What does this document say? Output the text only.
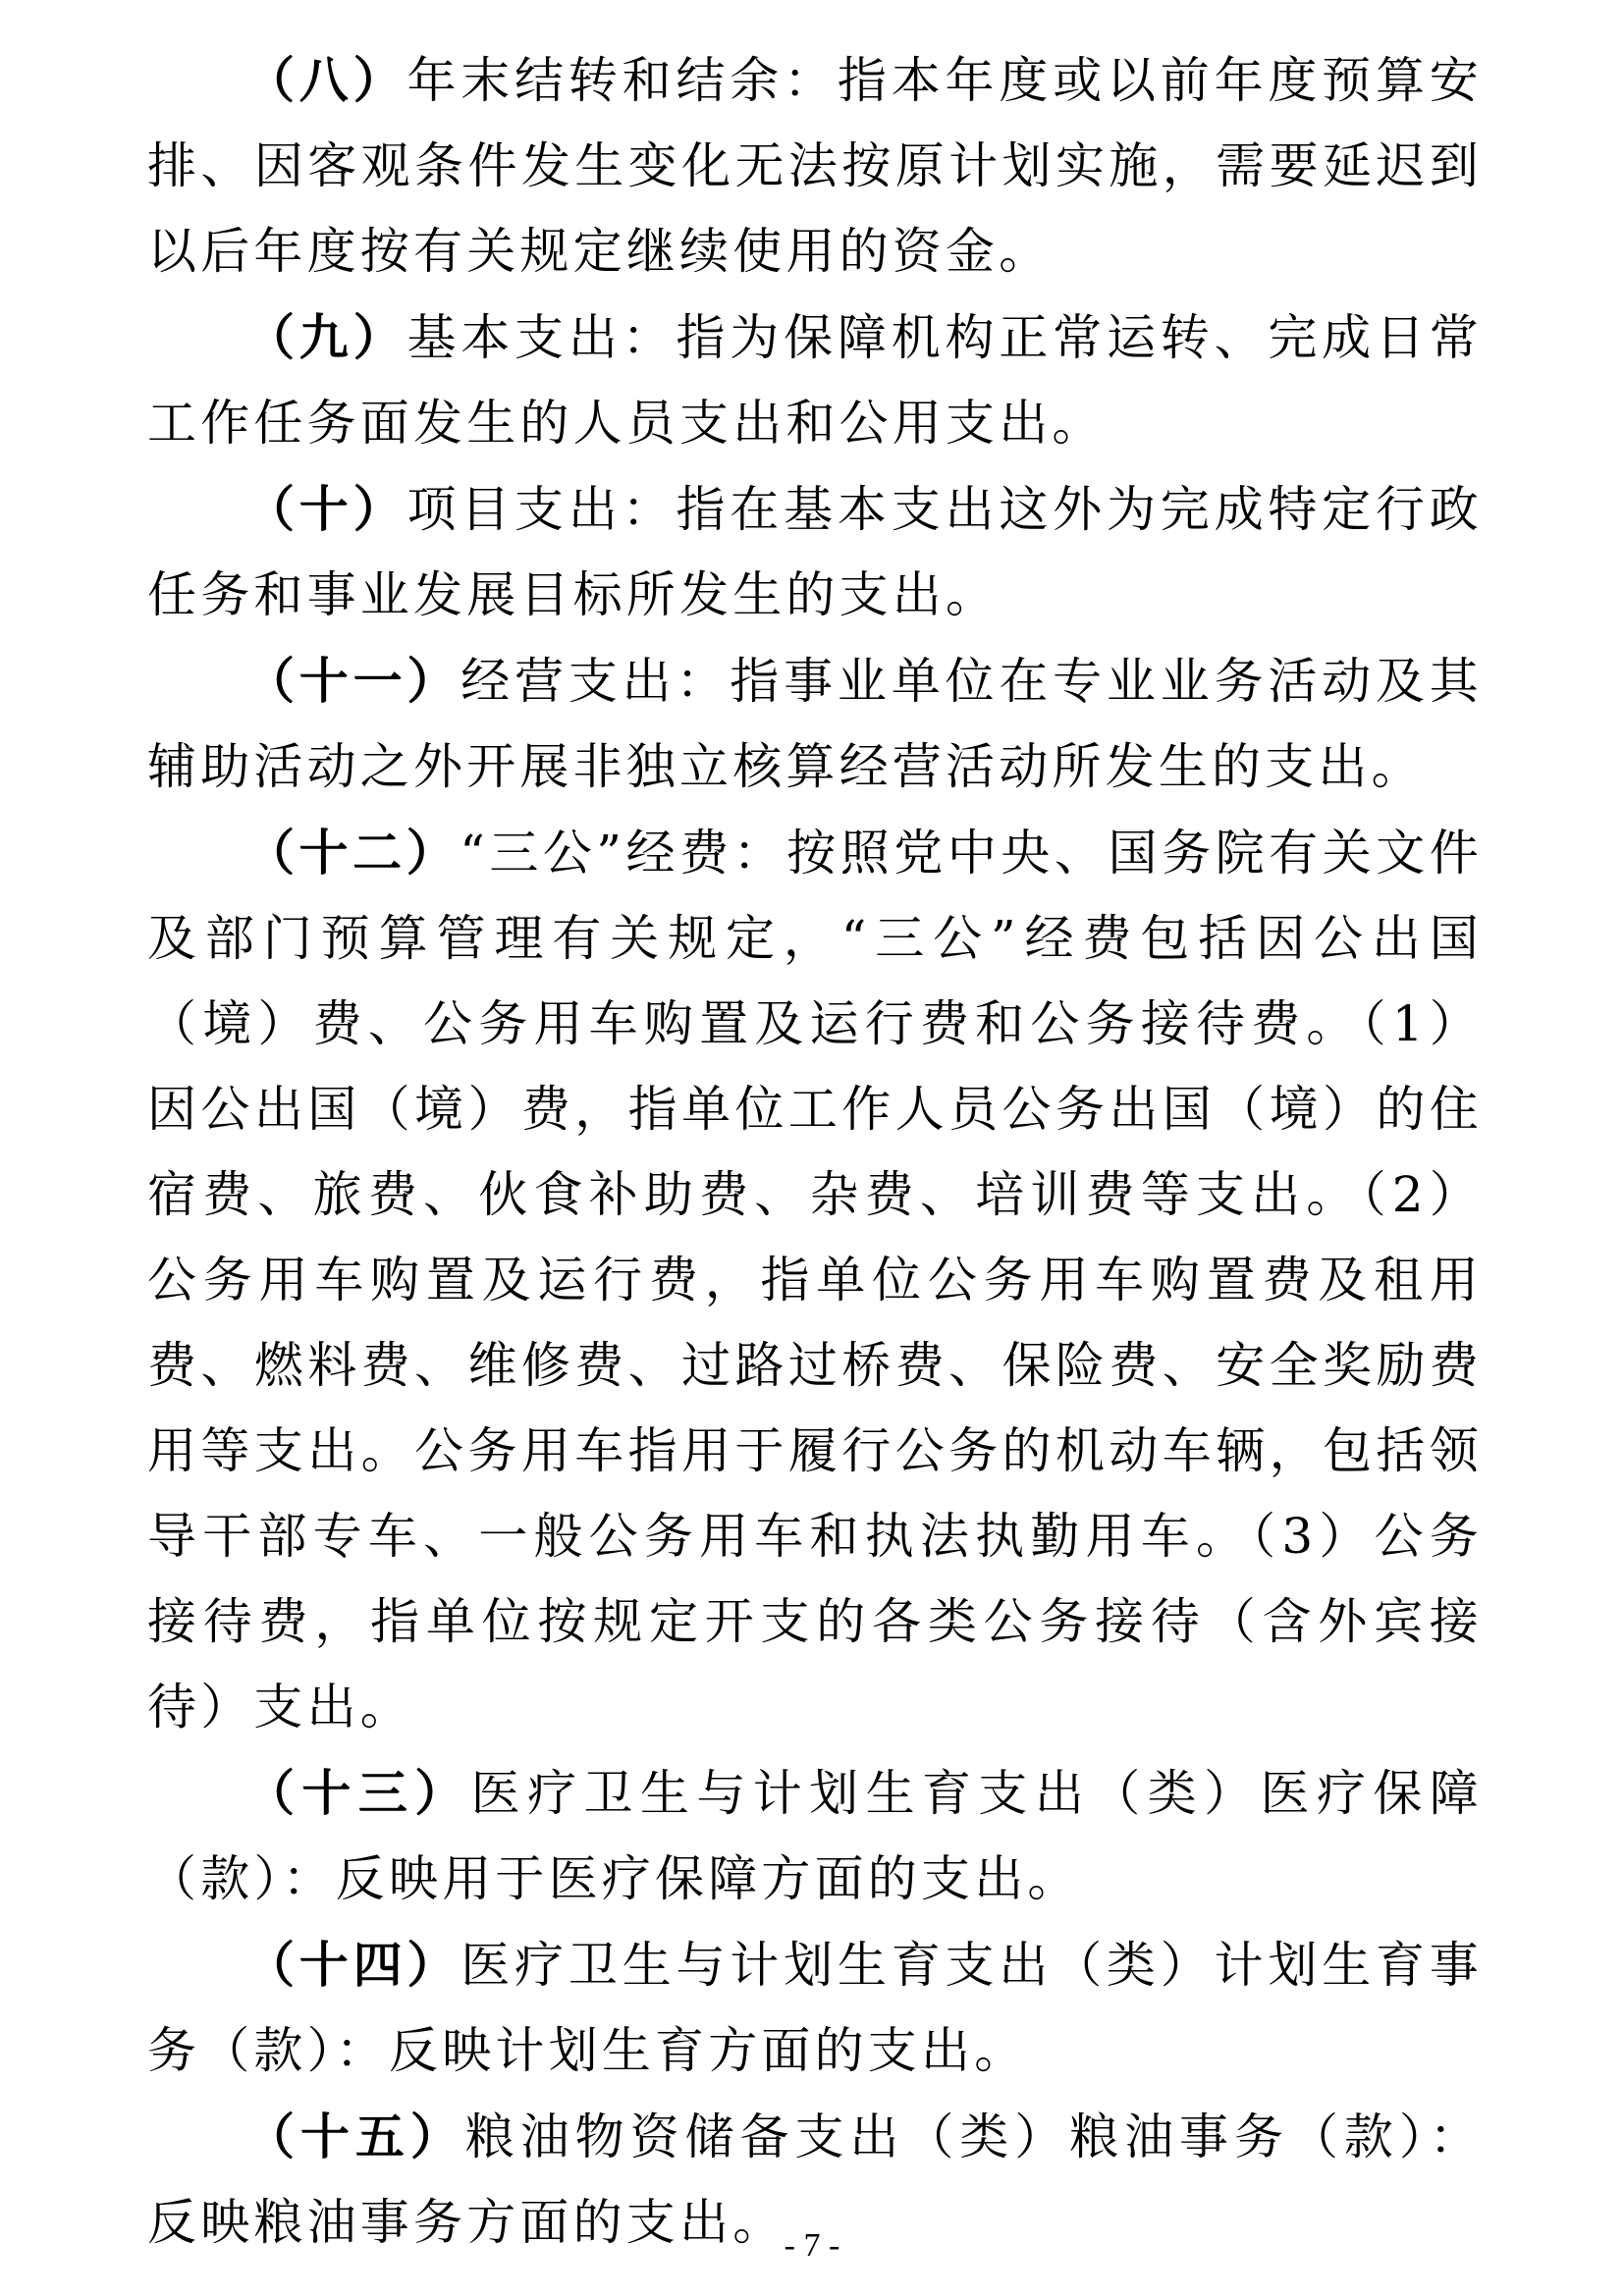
（八）年末结转和结余：指本年度或以前年度预算安排、因客观条件发生变化无法按原计划实施，需要延迟到以后年度按有关规定继续使用的资金。

（九）基本支出：指为保障机构正常运转、完成日常工作任务面发生的人员支出和公用支出。

（十）项目支出：指在基本支出这外为完成特定行政任务和事业发展目标所发生的支出。

（十一）经营支出：指事业单位在专业业务活动及其辅助活动之外开展非独立核算经营活动所发生的支出。

（十二）“三公”经费：按照党中央、国务院有关文件及部门预算管理有关规定，“三公”经费包括因公出国（境）费、公务用车购置及运行费和公务接待费。（1）因公出国（境）费，指单位工作人员公务出国（境）的住宿费、旅费、伙食补助费、杂费、培训费等支出。（2）公务用车购置及运行费，指单位公务用车购置费及租用费、燃料费、维修费、过路过桥费、保险费、安全奖励费用等支出。公务用车指用于履行公务的机动车辆，包括领导干部专车、一般公务用车和执法执勤用车。（3）公务接待费，指单位按规定开支的各类公务接待（含外宾接待）支出。

（十三）医疗卫生与计划生育支出（类）医疗保障（款）：反映用于医疗保障方面的支出。

（十四）医疗卫生与计划生育支出（类）计划生育事务（款）：反映计划生育方面的支出。

（十五）粮油物资储备支出（类）粮油事务（款）：反映粮油事务方面的支出。

- 7 -
